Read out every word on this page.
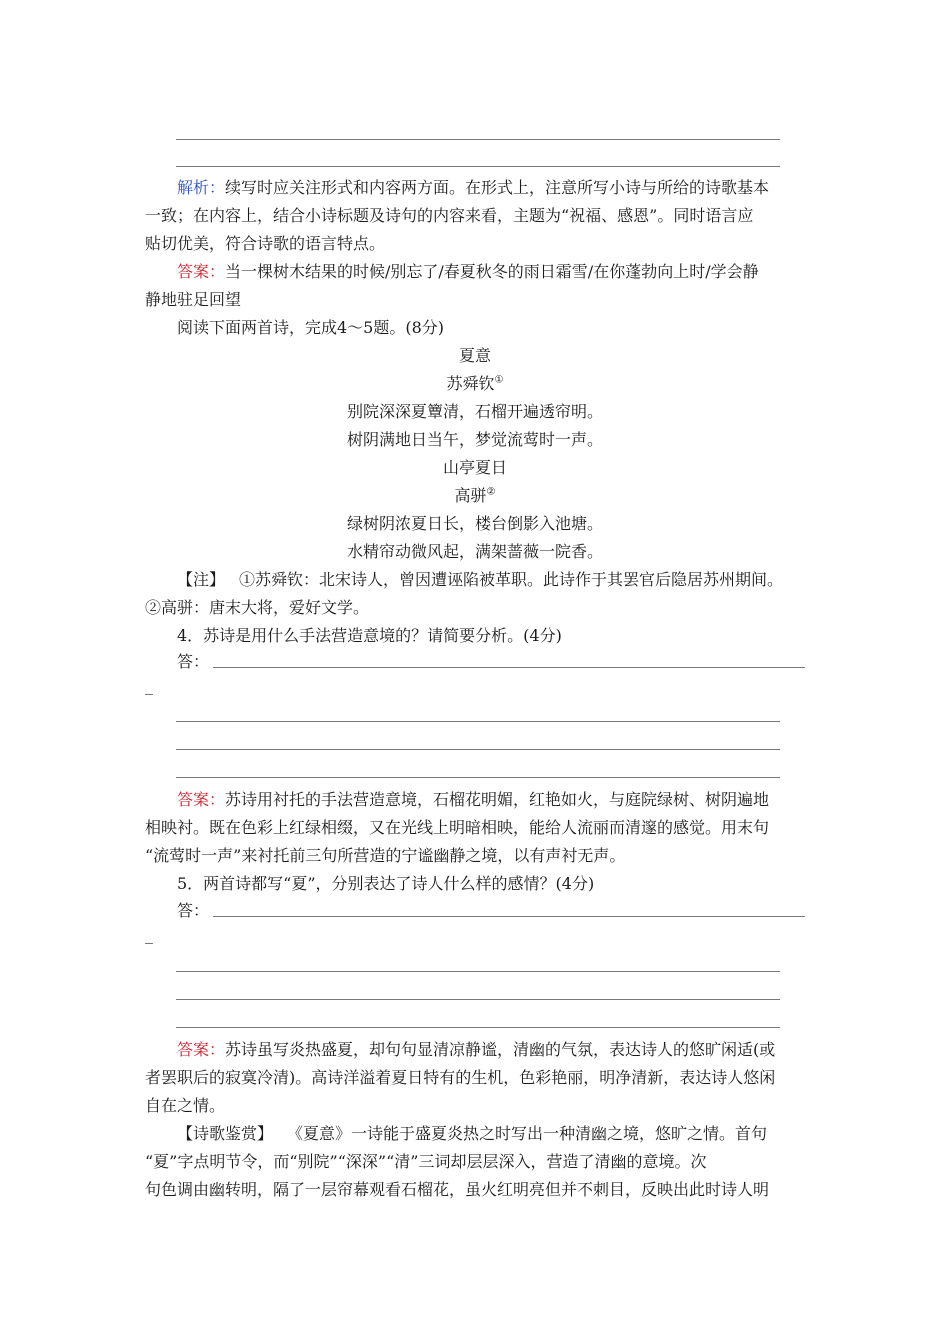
解析：续写时应关注形式和内容两方面。在形式上，注意所写小诗与所给的诗歌基本
一致；在内容上，结合小诗标题及诗句的内容来看，主题为“祝福、感恩”。同时语言应
贴切优美，符合诗歌的语言特点。
答案：当一棵树木结果的时候/别忘了/春夏秋冬的雨日霜雪/在你蓬勃向上时/学会静
静地驻足回望
阅读下面两首诗，完成4～5题。(8分)
夏意
苏舜钦①
别院深深夏簟清，石榴开遍透帘明。
树阴满地日当午，梦觉流莺时一声。
山亭夏日
高骈②
绿树阴浓夏日长，楼台倒影入池塘。
水精帘动微风起，满架蔷薇一院香。
【注】 ①苏舜钦：北宋诗人，曾因遭诬陷被革职。此诗作于其罢官后隐居苏州期间。
②高骈：唐末大将，爱好文学。
4．苏诗是用什么手法营造意境的？请简要分析。(4分)
答：
答案：苏诗用衬托的手法营造意境，石榴花明媚，红艳如火，与庭院绿树、树阴遍地
相映衬。既在色彩上红绿相缀，又在光线上明暗相映，能给人流丽而清邃的感觉。用末句
“流莺时一声”来衬托前三句所营造的宁谧幽静之境，以有声衬无声。
5．两首诗都写“夏”，分别表达了诗人什么样的感情？(4分)
答：
答案：苏诗虽写炎热盛夏，却句句显清凉静谧，清幽的气氛，表达诗人的悠旷闲适(或
者罢职后的寂寞冷清)。高诗洋溢着夏日特有的生机，色彩艳丽，明净清新，表达诗人悠闲
自在之情。
【诗歌鉴赏】 《夏意》一诗能于盛夏炎热之时写出一种清幽之境，悠旷之情。首句
“夏”字点明节令，而“别院”“深深”“清”三词却层层深入，营造了清幽的意境。次
句色调由幽转明，隔了一层帘幕观看石榴花，虽火红明亮但并不刺目，反映出此时诗人明
